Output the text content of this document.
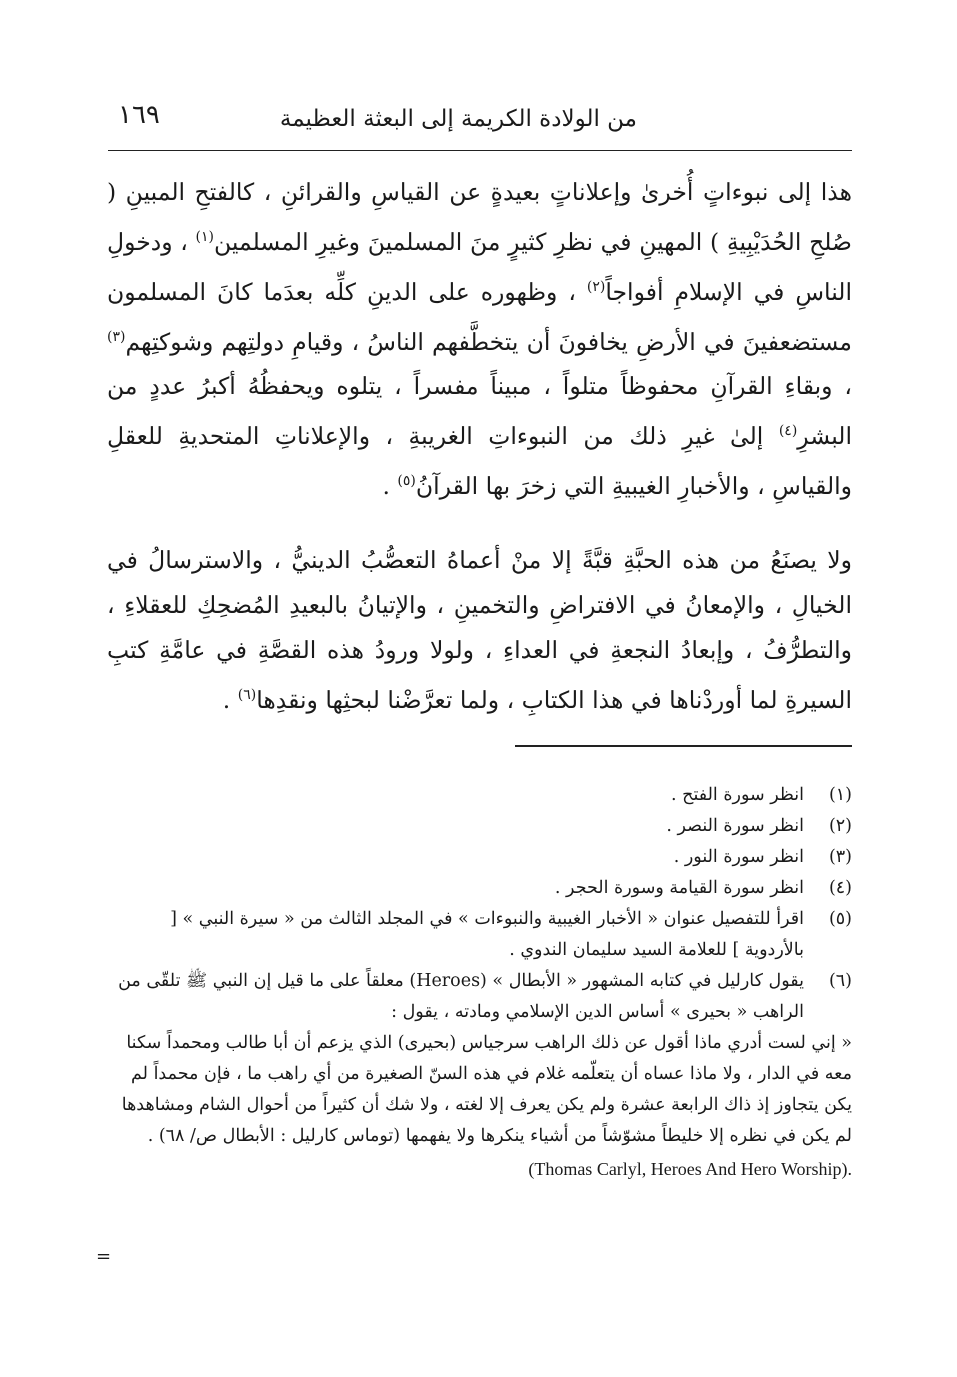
من الولادة الكريمة إلى البعثة العظيمة
١٦٩

هذا إلى نبوءاتٍ أُخرىٰ وإعلاناتٍ بعيدةٍ عن القياسِ والقرائنِ ، كالفتحِ المبينِ ( صُلحِ الحُدَيْبِيةِ ) المهينِ في نظرِ كثيرٍ منَ المسلمينَ وغيرِ المسلمين$^{(١)}$ ، ودخولِ الناسِ في الإسلامِ أفواجاً$^{(٢)}$ ، وظهوره على الدينِ كلِّه بعدَما كانَ المسلمون مستضعفينَ في الأرضِ يخافونَ أن يتخطَّفهم الناسُ ، وقيامِ دولتِهم وشوكتِهم$^{(٣)}$ ، وبقاءِ القرآنِ محفوظاً متلواً ، مبيناً مفسراً ، يتلوه ويحفظُهُ أكبرُ عددٍ من البشرِ$^{(٤)}$ إلىٰ غيرِ ذلك من النبوءاتِ الغريبةِ ، والإعلاناتِ المتحديةِ للعقلِ والقياسِ ، والأخبارِ الغيبيةِ التي زخرَ بها القرآنُ$^{(٥)}$ .

ولا يصنَعُ من هذه الحبَّةِ قبَّةً إلا منْ أعماهُ التعصُّبُ الدينيُّ ، والاسترسالُ في الخيالِ ، والإمعانُ في الافتراضِ والتخمينِ ، والإتيانُ بالبعيدِ المُضحِكِ للعقلاءِ ، والتطرُّفُ ، وإبعادُ النجعةِ في العداءِ ، ولولا ورودُ هذه القصَّةِ في عامَّةِ كتبِ السيرةِ لما أوردْناها في هذا الكتابِ ، ولما تعرَّضْنا لبحثِها ونقدِها$^{(٦)}$ .

(١)
انظر سورة الفتح .
(٢)
انظر سورة النصر .
(٣)
انظر سورة النور .
(٤)
انظر سورة القيامة وسورة الحجر .
(٥)
اقرأ للتفصيل عنوان « الأخبار الغيبية والنبوءات » في المجلد الثالث من « سيرة النبي » [ بالأردوية ] للعلامة السيد سليمان الندوي .
(٦)

يقول كارليل في كتابه المشهور « الأبطال » (Heroes) معلقاً على ما قيل إن النبي ﷺ تلقّى من الراهب « بحيرى » أساس الدين الإسلامي ومادته ، يقول :

« إني لست أدري ماذا أقول عن ذلك الراهب سرجياس (بحيرى) الذي يزعم أن أبا طالب ومحمداً سكنا معه في الدار ، ولا ماذا عساه أن يتعلّمه غلام في هذه السنّ الصغيرة من أي راهب ما ، فإن محمداً لم يكن يتجاوز إذ ذاك الرابعة عشرة ولم يكن يعرف إلا لغته ، ولا شك أن كثيراً من أحوال الشام ومشاهدها لم يكن في نظره إلا خليطاً مشوّشاً من أشياء ينكرها ولا يفهمها (توماس كارليل : الأبطال ص/ ٦٨) .

(Thomas Carlyl, Heroes And Hero Worship).

=
